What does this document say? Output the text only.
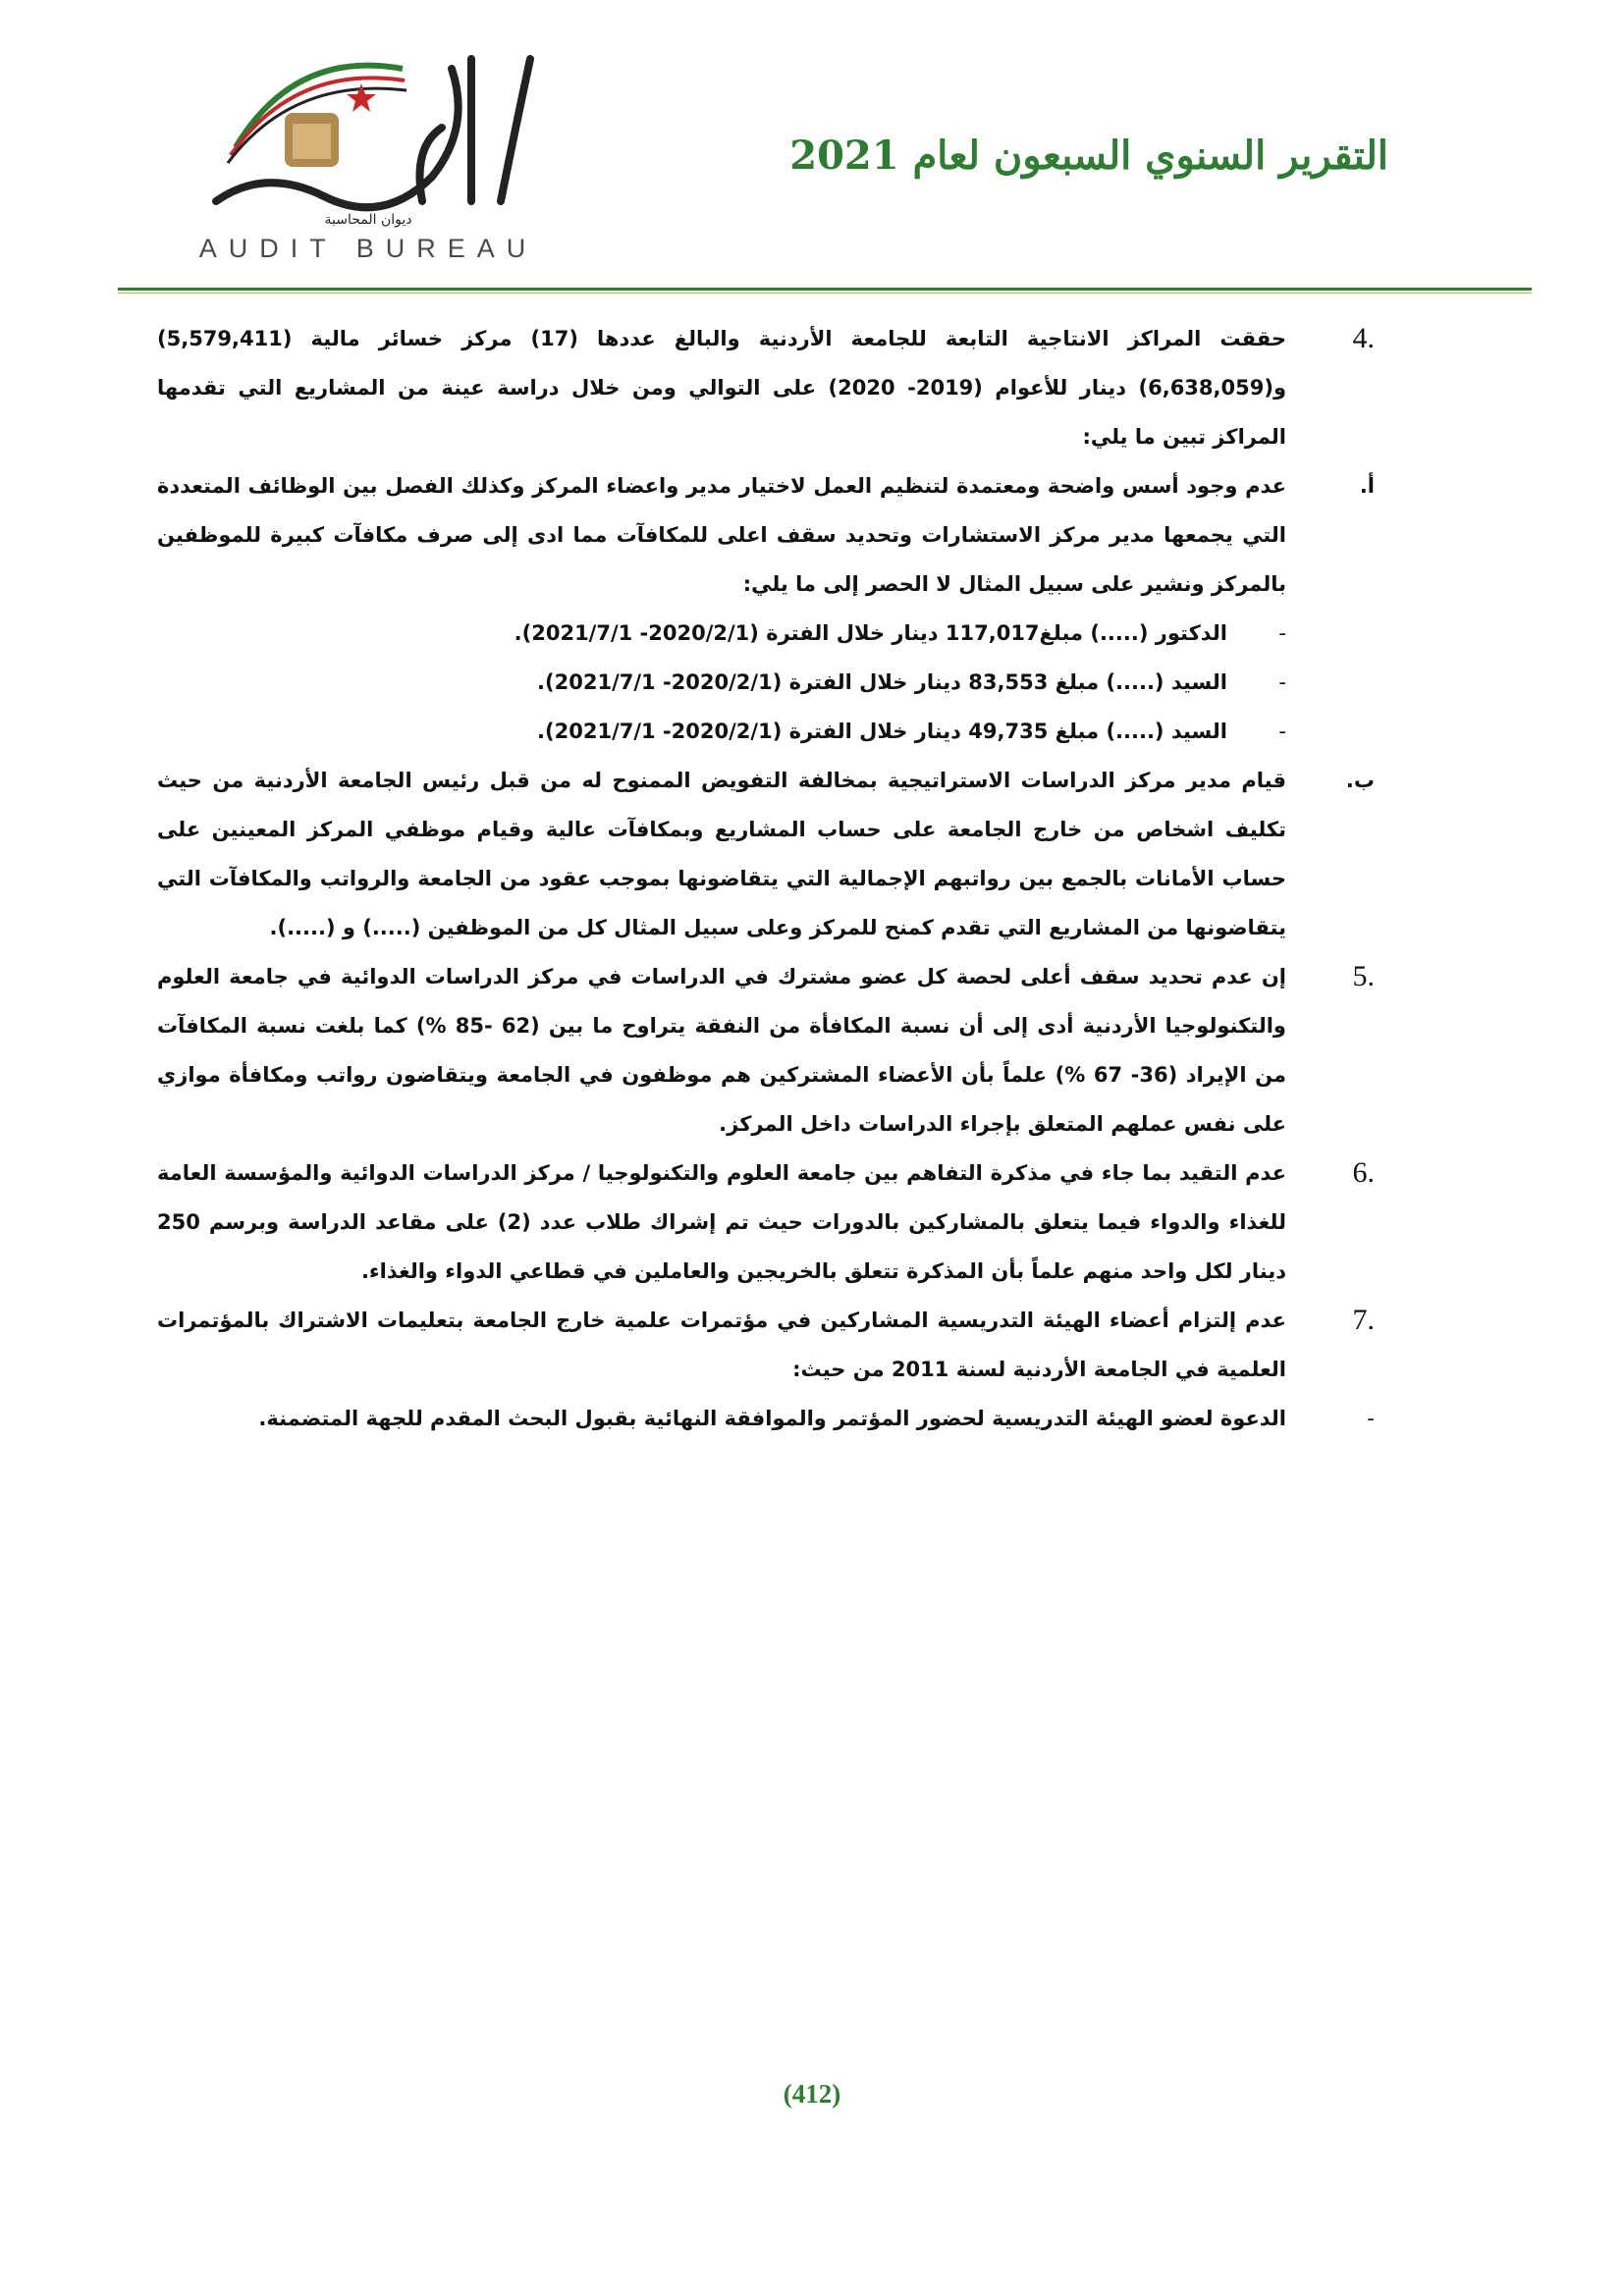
ديوان المحاسبة
AUDIT BUREAU
التقرير السنوي السبعون لعام 2021
4.
حققت المراكز الانتاجية التابعة للجامعة الأردنية والبالغ عددها (17) مركز خسائر مالية (5,579,411) و(6,638,059) دينار للأعوام (2019- 2020) على التوالي ومن خلال دراسة عينة من المشاريع التي تقدمها المراكز تبين ما يلي:
أ.
عدم وجود أسس واضحة ومعتمدة لتنظيم العمل لاختيار مدير واعضاء المركز وكذلك الفصل بين الوظائف المتعددة التي يجمعها مدير مركز الاستشارات وتحديد سقف اعلى للمكافآت مما ادى إلى صرف مكافآت كبيرة للموظفين بالمركز ونشير على سبيل المثال لا الحصر إلى ما يلي:
- الدكتور (.....) مبلغ117,017 دينار خلال الفترة (2020/2/1- 2021/7/1).
- السيد (.....) مبلغ 83,553 دينار خلال الفترة (2020/2/1- 2021/7/1).
- السيد (.....) مبلغ 49,735 دينار خلال الفترة (2020/2/1- 2021/7/1).
ب.
قيام مدير مركز الدراسات الاستراتيجية بمخالفة التفويض الممنوح له من قبل رئيس الجامعة الأردنية من حيث تكليف اشخاص من خارج الجامعة على حساب المشاريع وبمكافآت عالية وقيام موظفي المركز المعينين على حساب الأمانات بالجمع بين رواتبهم الإجمالية التي يتقاضونها بموجب عقود من الجامعة والرواتب والمكافآت التي يتقاضونها من المشاريع التي تقدم كمنح للمركز وعلى سبيل المثال كل من الموظفين (.....) و (.....).
5.
إن عدم تحديد سقف أعلى لحصة كل عضو مشترك في الدراسات في مركز الدراسات الدوائية في جامعة العلوم والتكنولوجيا الأردنية أدى إلى أن نسبة المكافأة من النفقة يتراوح ما بين (62 -85 %) كما بلغت نسبة المكافآت من الإيراد (36- 67 %) علماً بأن الأعضاء المشتركين هم موظفون في الجامعة ويتقاضون رواتب ومكافأة موازي على نفس عملهم المتعلق بإجراء الدراسات داخل المركز.
6.
عدم التقيد بما جاء في مذكرة التفاهم بين جامعة العلوم والتكنولوجيا / مركز الدراسات الدوائية والمؤسسة العامة للغذاء والدواء فيما يتعلق بالمشاركين بالدورات حيث تم إشراك طلاب عدد (2) على مقاعد الدراسة وبرسم 250 دينار لكل واحد منهم علماً بأن المذكرة تتعلق بالخريجين والعاملين في قطاعي الدواء والغذاء.
7.
عدم إلتزام أعضاء الهيئة التدريسية المشاركين في مؤتمرات علمية خارج الجامعة بتعليمات الاشتراك بالمؤتمرات العلمية في الجامعة الأردنية لسنة 2011 من حيث:
-
الدعوة لعضو الهيئة التدريسية لحضور المؤتمر والموافقة النهائية بقبول البحث المقدم للجهة المتضمنة.
(412)
